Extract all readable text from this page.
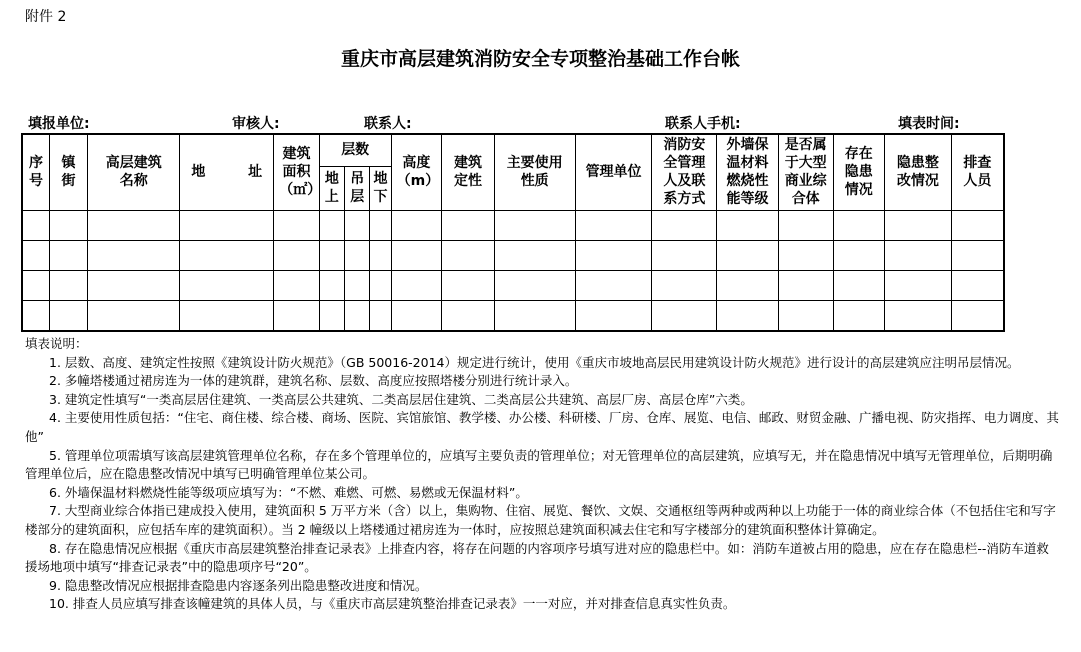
附件 2
重庆市高层建筑消防安全专项整治基础工作台帐
填报单位:	审核人:	联系人:	联系人手机:	填表时间:
序号	镇街	高层建筑名称	地 址	建筑面积（㎡）	层数			高度（m）	建筑定性	主要使用性质	管理单位	消防安全管理人及联系方式	外墙保温材料燃烧性能等级	是否属于大型商业综合体	存在隐患情况	隐患整改情况	排查人员
					地上	吊层	地下										

填表说明：

1. 层数、高度、建筑定性按照《建筑设计防火规范》（GB 50016-2014）规定进行统计，使用《重庆市坡地高层民用建筑设计防火规范》进行设计的高层建筑应注明吊层情况。

2. 多幢塔楼通过裙房连为一体的建筑群，建筑名称、层数、高度应按照塔楼分别进行统计录入。

3. 建筑定性填写“一类高层居住建筑、一类高层公共建筑、二类高层居住建筑、二类高层公共建筑、高层厂房、高层仓库”六类。

4. 主要使用性质包括：“住宅、商住楼、综合楼、商场、医院、宾馆旅馆、教学楼、办公楼、科研楼、厂房、仓库、展览、电信、邮政、财贸金融、广播电视、防灾指挥、电力调度、其他”

5. 管理单位项需填写该高层建筑管理单位名称，存在多个管理单位的，应填写主要负责的管理单位；对无管理单位的高层建筑，应填写无，并在隐患情况中填写无管理单位，后期明确管理单位后，应在隐患整改情况中填写已明确管理单位某公司。

6. 外墙保温材料燃烧性能等级项应填写为：“不燃、难燃、可燃、易燃或无保温材料”。

7. 大型商业综合体指已建成投入使用，建筑面积 5 万平方米（含）以上，集购物、住宿、展览、餐饮、文娱、交通枢纽等两种或两种以上功能于一体的商业综合体（不包括住宅和写字楼部分的建筑面积，应包括车库的建筑面积）。当 2 幢级以上塔楼通过裙房连为一体时，应按照总建筑面积减去住宅和写字楼部分的建筑面积整体计算确定。

8. 存在隐患情况应根据《重庆市高层建筑整治排查记录表》上排查内容，将存在问题的内容项序号填写进对应的隐患栏中。如：消防车道被占用的隐患，应在存在隐患栏--消防车道救援场地项中填写“排查记录表”中的隐患项序号“20”。

9. 隐患整改情况应根据排查隐患内容逐条列出隐患整改进度和情况。

10. 排查人员应填写排查该幢建筑的具体人员，与《重庆市高层建筑整治排查记录表》一一对应，并对排查信息真实性负责。
